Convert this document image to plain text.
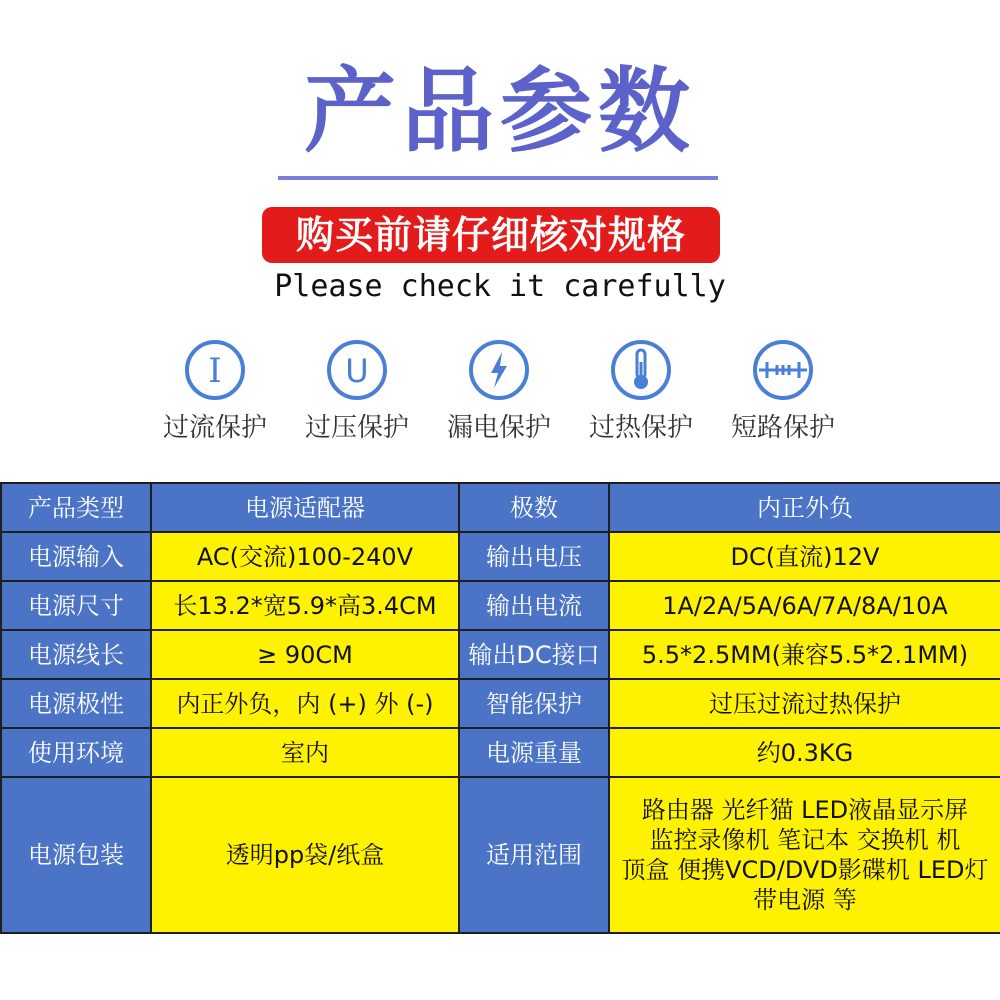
产品参数
购买前请仔细核对规格
Please check it carefully
I
过流保护
U
过压保护	漏电保护	过热保护	短路保护
产品类型	电源适配器	极数	内正外负
电源输入	AC(交流)100-240V	输出电压	DC(直流)12V
电源尺寸	长13.2*宽5.9*高3.4CM	输出电流	1A/2A/5A/6A/7A/8A/10A
电源线长	≥ 90CM	输出DC接口	5.5*2.5MM(兼容5.5*2.1MM)
电源极性	内正外负，内 (+) 外 (-)	智能保护	过压过流过热保护
使用环境	室内	电源重量	约0.3KG
电源包装	透明pp袋/纸盒	适用范围	路由器 光纤猫 LED液晶显示屏
监控录像机 笔记本 交换机 机
顶盒 便携VCD/DVD影碟机 LED灯
带电源 等
